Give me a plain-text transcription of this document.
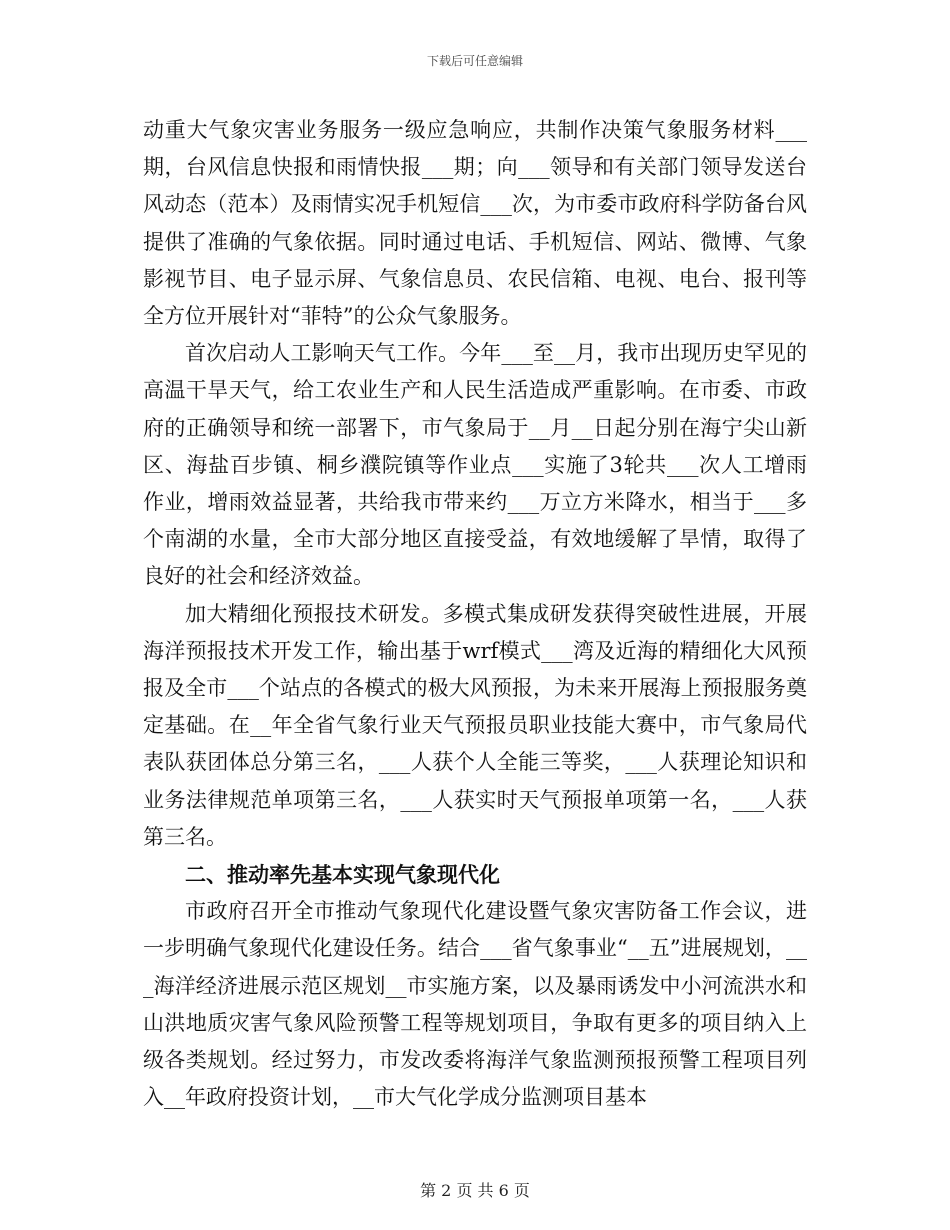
下载后可任意编辑

动重大气象灾害业务服务一级应急响应，共制作决策气象服务材料___期，台风信息快报和雨情快报___期；向___领导和有关部门领导发送台风动态（范本）及雨情实况手机短信___次，为市委市政府科学防备台风提供了准确的气象依据。同时通过电话、手机短信、网站、微博、气象影视节目、电子显示屏、气象信息员、农民信箱、电视、电台、报刊等全方位开展针对“菲特”的公众气象服务。

首次启动人工影响天气工作。今年___至__月，我市出现历史罕见的高温干旱天气，给工农业生产和人民生活造成严重影响。在市委、市政府的正确领导和统一部署下，市气象局于__月__日起分别在海宁尖山新区、海盐百步镇、桐乡濮院镇等作业点___实施了3轮共___次人工增雨作业，增雨效益显著，共给我市带来约___万立方米降水，相当于___多个南湖的水量，全市大部分地区直接受益，有效地缓解了旱情，取得了良好的社会和经济效益。

加大精细化预报技术研发。多模式集成研发获得突破性进展，开展海洋预报技术开发工作，输出基于wrf模式___湾及近海的精细化大风预报及全市___个站点的各模式的极大风预报，为未来开展海上预报服务奠定基础。在__年全省气象行业天气预报员职业技能大赛中，市气象局代表队获团体总分第三名，___人获个人全能三等奖，___人获理论知识和业务法律规范单项第三名，___人获实时天气预报单项第一名，___人获第三名。

二、推动率先基本实现气象现代化

市政府召开全市推动气象现代化建设暨气象灾害防备工作会议，进一步明确气象现代化建设任务。结合___省气象事业“__五”进展规划，___海洋经济进展示范区规划__市实施方案，以及暴雨诱发中小河流洪水和山洪地质灾害气象风险预警工程等规划项目，争取有更多的项目纳入上级各类规划。经过努力，市发改委将海洋气象监测预报预警工程项目列入__年政府投资计划，__市大气化学成分监测项目基本

第 2 页 共 6 页
